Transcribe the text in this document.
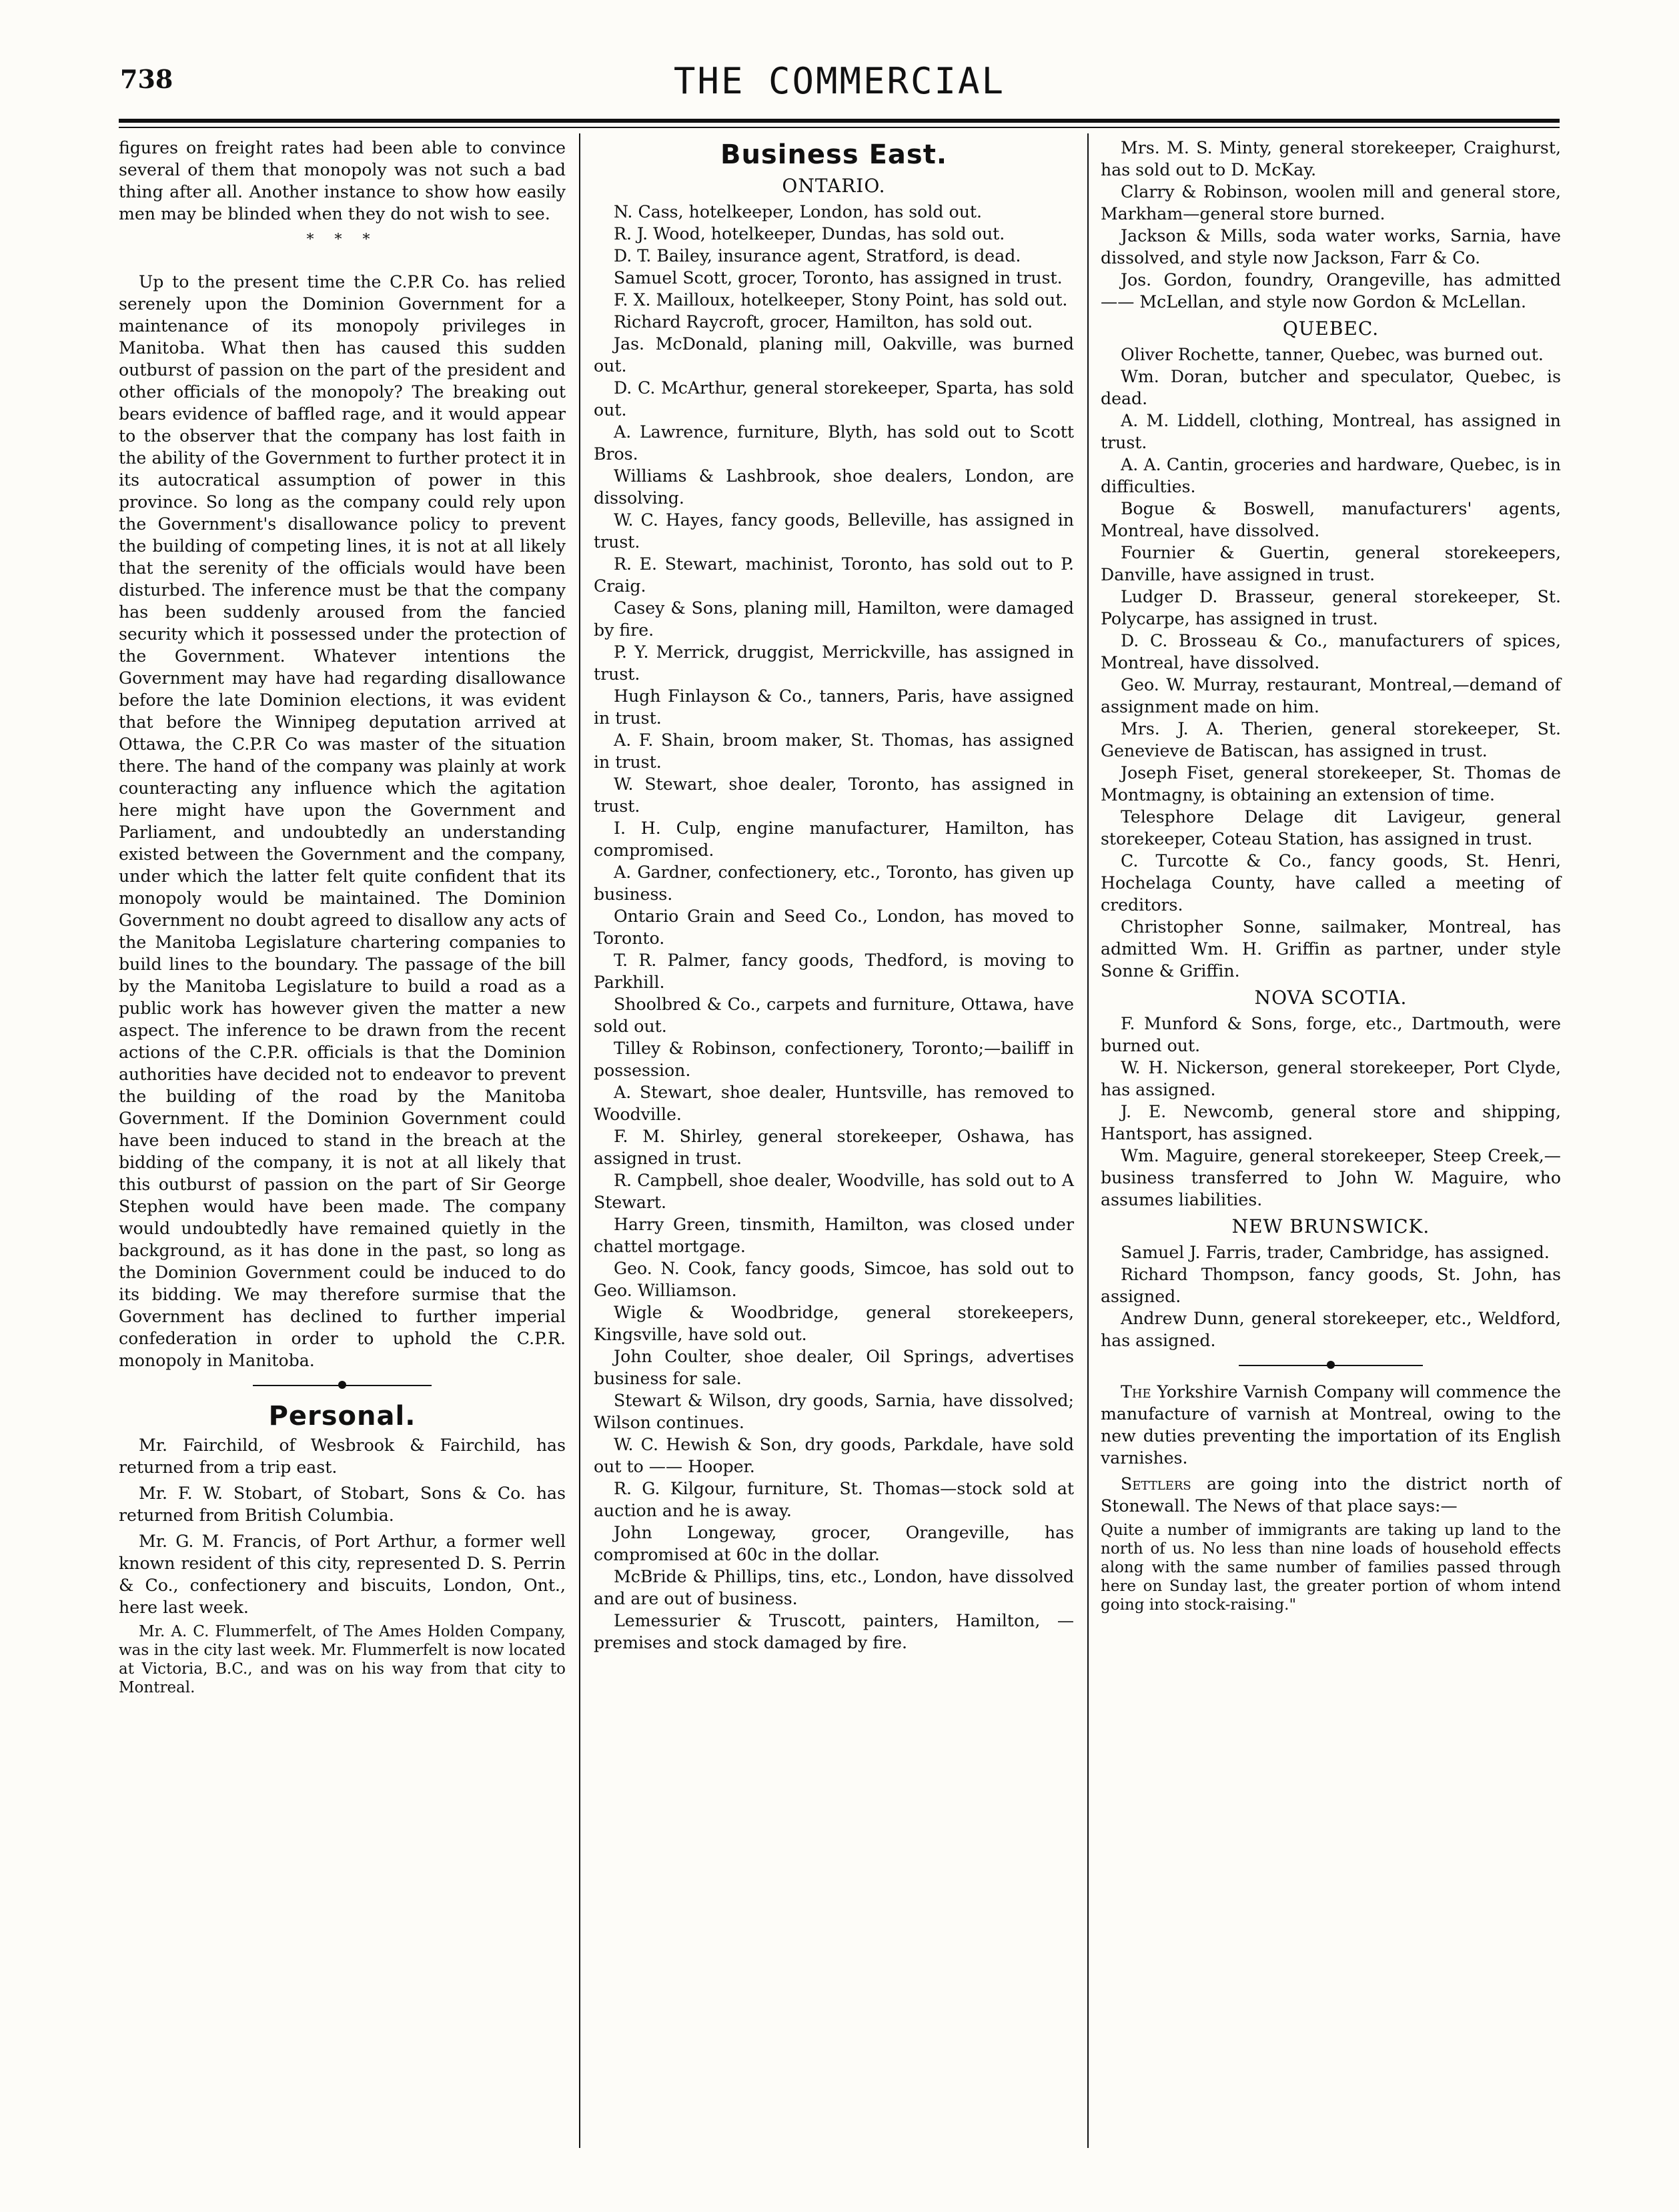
738	THE COMMERCIAL

figures on freight rates had been able to convince several of them that monopoly was not such a bad thing after all. Another instance to show how easily men may be blinded when they do not wish to see.

* * *

Up to the present time the C.P.R Co. has relied serenely upon the Dominion Government for a maintenance of its monopoly privileges in Manitoba. What then has caused this sudden outburst of passion on the part of the president and other officials of the monopoly? The breaking out bears evidence of baffled rage, and it would appear to the observer that the company has lost faith in the ability of the Government to further protect it in its autocratical assumption of power in this province. So long as the company could rely upon the Government's disallowance policy to prevent the building of competing lines, it is not at all likely that the serenity of the officials would have been disturbed. The inference must be that the company has been suddenly aroused from the fancied security which it possessed under the protection of the Government. Whatever intentions the Government may have had regarding disallowance before the late Dominion elections, it was evident that before the Winnipeg deputation arrived at Ottawa, the C.P.R Co was master of the situation there. The hand of the company was plainly at work counteracting any influence which the agitation here might have upon the Government and Parliament, and undoubtedly an understanding existed between the Government and the company, under which the latter felt quite confident that its monopoly would be maintained. The Dominion Government no doubt agreed to disallow any acts of the Manitoba Legislature chartering companies to build lines to the boundary. The passage of the bill by the Manitoba Legislature to build a road as a public work has however given the matter a new aspect. The inference to be drawn from the recent actions of the C.P.R. officials is that the Dominion authorities have decided not to endeavor to prevent the building of the road by the Manitoba Government. If the Dominion Government could have been induced to stand in the breach at the bidding of the company, it is not at all likely that this outburst of passion on the part of Sir George Stephen would have been made. The company would undoubtedly have remained quietly in the background, as it has done in the past, so long as the Dominion Government could be induced to do its bidding. We may therefore surmise that the Government has declined to further imperial confederation in order to uphold the C.P.R. monopoly in Manitoba.

Personal.

Mr. Fairchild, of Wesbrook & Fairchild, has returned from a trip east.

Mr. F. W. Stobart, of Stobart, Sons & Co. has returned from British Columbia.

Mr. G. M. Francis, of Port Arthur, a former well known resident of this city, represented D. S. Perrin & Co., confectionery and biscuits, London, Ont., here last week.

Mr. A. C. Flummerfelt, of The Ames Holden Company, was in the city last week. Mr. Flummerfelt is now located at Victoria, B.C., and was on his way from that city to Montreal.

Business East.
ONTARIO.

N. Cass, hotelkeeper, London, has sold out.

R. J. Wood, hotelkeeper, Dundas, has sold out.

D. T. Bailey, insurance agent, Stratford, is dead.

Samuel Scott, grocer, Toronto, has assigned in trust.

F. X. Mailloux, hotelkeeper, Stony Point, has sold out.

Richard Raycroft, grocer, Hamilton, has sold out.

Jas. McDonald, planing mill, Oakville, was burned out.

D. C. McArthur, general storekeeper, Sparta, has sold out.

A. Lawrence, furniture, Blyth, has sold out to Scott Bros.

Williams & Lashbrook, shoe dealers, London, are dissolving.

W. C. Hayes, fancy goods, Belleville, has assigned in trust.

R. E. Stewart, machinist, Toronto, has sold out to P. Craig.

Casey & Sons, planing mill, Hamilton, were damaged by fire.

P. Y. Merrick, druggist, Merrickville, has assigned in trust.

Hugh Finlayson & Co., tanners, Paris, have assigned in trust.

A. F. Shain, broom maker, St. Thomas, has assigned in trust.

W. Stewart, shoe dealer, Toronto, has assigned in trust.

I. H. Culp, engine manufacturer, Hamilton, has compromised.

A. Gardner, confectionery, etc., Toronto, has given up business.

Ontario Grain and Seed Co., London, has moved to Toronto.

T. R. Palmer, fancy goods, Thedford, is moving to Parkhill.

Shoolbred & Co., carpets and furniture, Ottawa, have sold out.

Tilley & Robinson, confectionery, Toronto;—bailiff in possession.

A. Stewart, shoe dealer, Huntsville, has removed to Woodville.

F. M. Shirley, general storekeeper, Oshawa, has assigned in trust.

R. Campbell, shoe dealer, Woodville, has sold out to A Stewart.

Harry Green, tinsmith, Hamilton, was closed under chattel mortgage.

Geo. N. Cook, fancy goods, Simcoe, has sold out to Geo. Williamson.

Wigle & Woodbridge, general storekeepers, Kingsville, have sold out.

John Coulter, shoe dealer, Oil Springs, advertises business for sale.

Stewart & Wilson, dry goods, Sarnia, have dissolved; Wilson continues.

W. C. Hewish & Son, dry goods, Parkdale, have sold out to —— Hooper.

R. G. Kilgour, furniture, St. Thomas—stock sold at auction and he is away.

John Longeway, grocer, Orangeville, has compromised at 60c in the dollar.

McBride & Phillips, tins, etc., London, have dissolved and are out of business.

Lemessurier & Truscott, painters, Hamilton, —premises and stock damaged by fire.

Mrs. M. S. Minty, general storekeeper, Craighurst, has sold out to D. McKay.

Clarry & Robinson, woolen mill and general store, Markham—general store burned.

Jackson & Mills, soda water works, Sarnia, have dissolved, and style now Jackson, Farr & Co.

Jos. Gordon, foundry, Orangeville, has admitted —— McLellan, and style now Gordon & McLellan.

QUEBEC.

Oliver Rochette, tanner, Quebec, was burned out.

Wm. Doran, butcher and speculator, Quebec, is dead.

A. M. Liddell, clothing, Montreal, has assigned in trust.

A. A. Cantin, groceries and hardware, Quebec, is in difficulties.

Bogue & Boswell, manufacturers' agents, Montreal, have dissolved.

Fournier & Guertin, general storekeepers, Danville, have assigned in trust.

Ludger D. Brasseur, general storekeeper, St. Polycarpe, has assigned in trust.

D. C. Brosseau & Co., manufacturers of spices, Montreal, have dissolved.

Geo. W. Murray, restaurant, Montreal,—demand of assignment made on him.

Mrs. J. A. Therien, general storekeeper, St. Genevieve de Batiscan, has assigned in trust.

Joseph Fiset, general storekeeper, St. Thomas de Montmagny, is obtaining an extension of time.

Telesphore Delage dit Lavigeur, general storekeeper, Coteau Station, has assigned in trust.

C. Turcotte & Co., fancy goods, St. Henri, Hochelaga County, have called a meeting of creditors.

Christopher Sonne, sailmaker, Montreal, has admitted Wm. H. Griffin as partner, under style Sonne & Griffin.

NOVA SCOTIA.

F. Munford & Sons, forge, etc., Dartmouth, were burned out.

W. H. Nickerson, general storekeeper, Port Clyde, has assigned.

J. E. Newcomb, general store and shipping, Hantsport, has assigned.

Wm. Maguire, general storekeeper, Steep Creek,—business transferred to John W. Maguire, who assumes liabilities.

NEW BRUNSWICK.

Samuel J. Farris, trader, Cambridge, has assigned.

Richard Thompson, fancy goods, St. John, has assigned.

Andrew Dunn, general storekeeper, etc., Weldford, has assigned.

The Yorkshire Varnish Company will commence the manufacture of varnish at Montreal, owing to the new duties preventing the importation of its English varnishes.

Settlers are going into the district north of Stonewall. The News of that place says:—

Quite a number of immigrants are taking up land to the north of us. No less than nine loads of household effects along with the same number of families passed through here on Sunday last, the greater portion of whom intend going into stock-raising."
